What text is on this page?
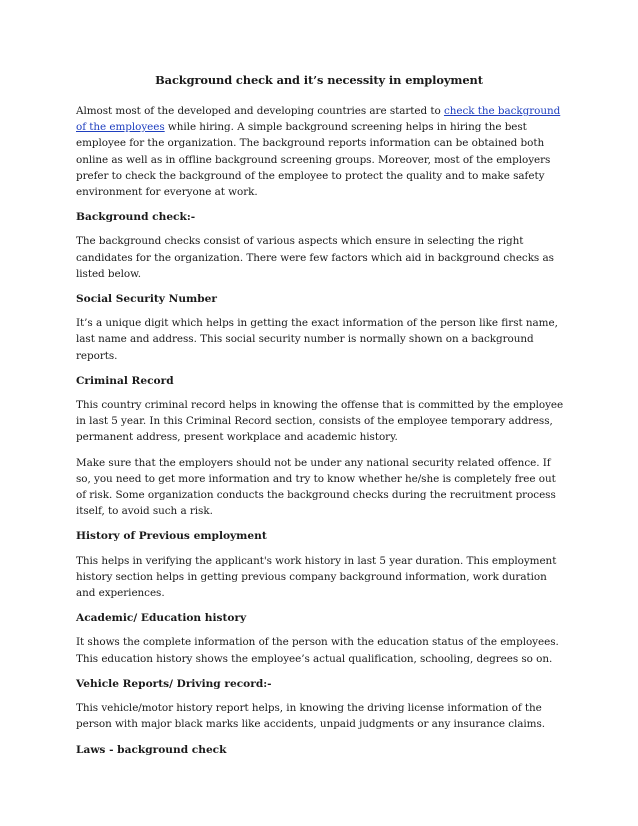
Background check and it’s necessity in employment

Almost most of the developed and developing countries are started to check the background of the employees while hiring. A simple background screening helps in hiring the best employee for the organization. The background reports information can be obtained both online as well as in offline background screening groups. Moreover, most of the employers prefer to check the background of the employee to protect the quality and to make safety environment for everyone at work.

Background check:-

The background checks consist of various aspects which ensure in selecting the right candidates for the organization. There were few factors which aid in background checks as listed below.

Social Security Number

It’s a unique digit which helps in getting the exact information of the person like first name, last name and address. This social security number is normally shown on a background reports.

Criminal Record

This country criminal record helps in knowing the offense that is committed by the employee in last 5 year. In this Criminal Record section, consists of the employee temporary address, permanent address, present workplace and academic history.

Make sure that the employers should not be under any national security related offence. If so, you need to get more information and try to know whether he/she is completely free out of risk. Some organization conducts the background checks during the recruitment process itself, to avoid such a risk.

History of Previous employment

This helps in verifying the applicant's work history in last 5 year duration. This employment history section helps in getting previous company background information, work duration and experiences.

Academic/ Education history

It shows the complete information of the person with the education status of the employees. This education history shows the employee’s actual qualification, schooling, degrees so on.

Vehicle Reports/ Driving record:-

This vehicle/motor history report helps, in knowing the driving license information of the person with major black marks like accidents, unpaid judgments or any insurance claims.

Laws - background check
